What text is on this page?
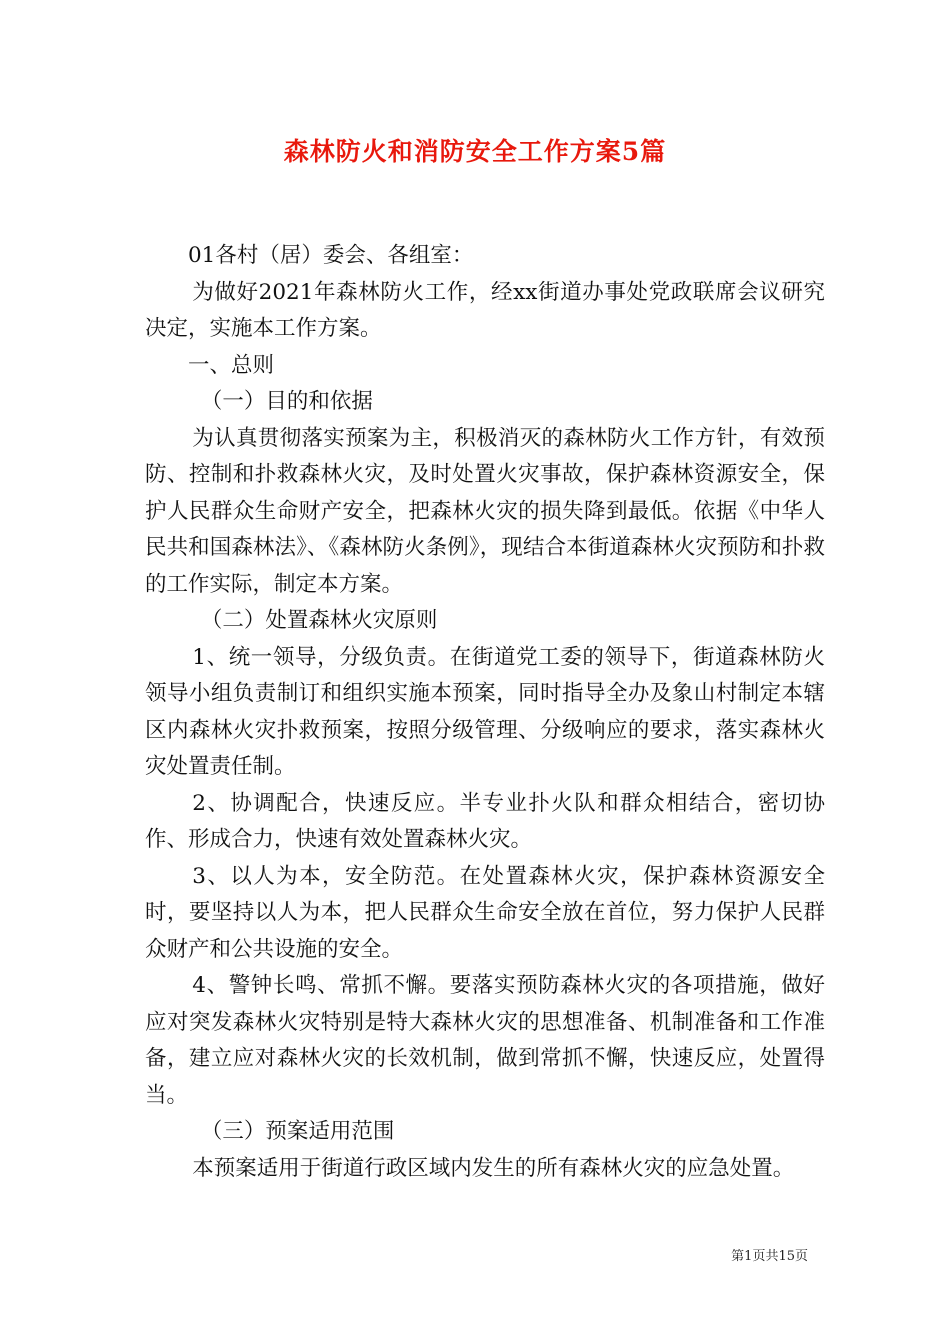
森林防火和消防安全工作方案5篇

01各村（居）委会、各组室：

为做好2021年森林防火工作，经xx街道办事处党政联席会议研究决定，实施本工作方案。

一、总则

（一）目的和依据

为认真贯彻落实预案为主，积极消灭的森林防火工作方针，有效预防、控制和扑救森林火灾，及时处置火灾事故，保护森林资源安全，保护人民群众生命财产安全，把森林火灾的损失降到最低。依据《中华人民共和国森林法》、《森林防火条例》，现结合本街道森林火灾预防和扑救的工作实际，制定本方案。

（二）处置森林火灾原则

1、统一领导，分级负责。在街道党工委的领导下，街道森林防火领导小组负责制订和组织实施本预案，同时指导全办及象山村制定本辖区内森林火灾扑救预案，按照分级管理、分级响应的要求，落实森林火灾处置责任制。

2、协调配合，快速反应。半专业扑火队和群众相结合，密切协作、形成合力，快速有效处置森林火灾。

3、以人为本，安全防范。在处置森林火灾，保护森林资源安全时，要坚持以人为本，把人民群众生命安全放在首位，努力保护人民群众财产和公共设施的安全。

4、警钟长鸣、常抓不懈。要落实预防森林火灾的各项措施，做好应对突发森林火灾特别是特大森林火灾的思想准备、机制准备和工作准备，建立应对森林火灾的长效机制，做到常抓不懈，快速反应，处置得当。

（三）预案适用范围

本预案适用于街道行政区域内发生的所有森林火灾的应急处置。

第1页共15页
